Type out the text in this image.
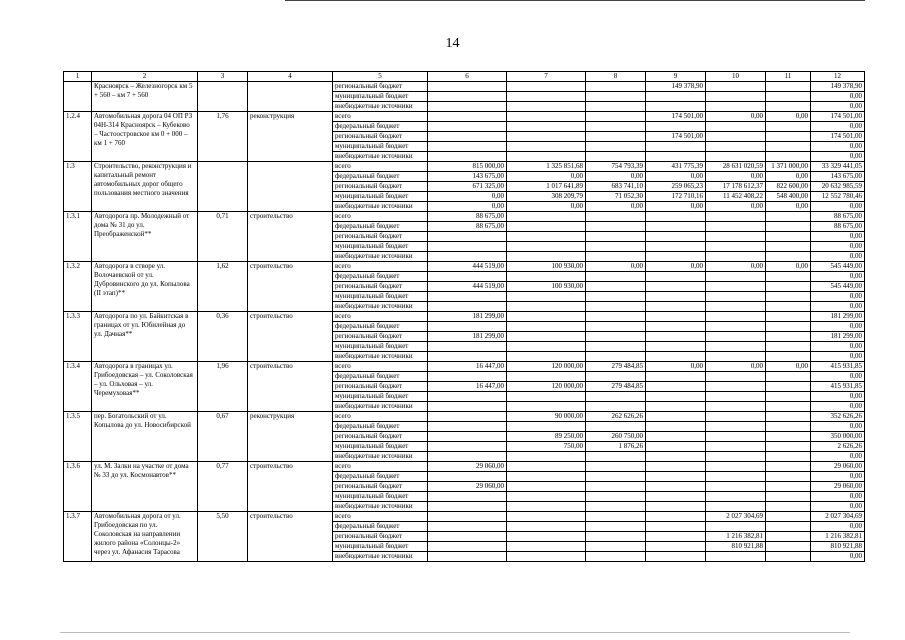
14
1	2	3	4	5	6	7	8	9	10	11	12
	Красноярск – Железногорск км 5 + 560 – км 7 + 560			региональный бюджет				149 378,90			149 378,90
				муниципальный бюджет							0,00
				внебюджетные источники							0,00
1.2.4	Автомобильная дорога 04 ОП РЗ 04Н-314 Красноярск – Кубеково – Частоостровское км 0 + 000 – км 1 + 760	1,76	реконструкция	всего				174 501,00	0,00	0,00	174 501,00
				федеральный бюджет							0,00
				региональный бюджет				174 501,00			174 501,00
				муниципальный бюджет							0,00
				внебюджетные источники							0,00
1.3	Строительство, реконструкция и капитальный ремонт автомобильных дорог общего пользования местного значения			всего	815 000,00	1 325 851,68	754 793,39	431 775,39	28 631 020,59	1 371 000,00	33 329 441,05
				федеральный бюджет	143 675,00	0,00	0,00	0,00	0,00	0,00	143 675,00
				региональный бюджет	671 325,00	1 017 641,89	683 741,10	259 065,23	17 178 612,37	822 600,00	20 632 985,59
				муниципальный бюджет	0,00	308 209,79	71 052,30	172 710,16	11 452 408,22	548 400,00	12 552 780,46
				внебюджетные источники	0,00	0,00	0,00	0,00	0,00	0,00	0,00
1.3.1	Автодорога пр. Молодежный от дома № 31 до ул. Преображенской**	0,71	строительство	всего	88 675,00						88 675,00
				федеральный бюджет	88 675,00						88 675,00
				региональный бюджет							0,00
				муниципальный бюджет							0,00
				внебюджетные источники							0,00
1.3.2	Автодорога в створе ул. Волочаевской от ул. Дубровинского до ул. Копылова (II этап)**	1,62	строительство	всего	444 519,00	100 930,00	0,00	0,00	0,00	0,00	545 449,00
				федеральный бюджет							0,00
				региональный бюджет	444 519,00	100 930,00					545 449,00
				муниципальный бюджет							0,00
				внебюджетные источники							0,00
1.3.3	Автодорога по ул. Байкитская в границах от ул. Юбилейная до ул. Дачная**	0,36	строительство	всего	181 299,00						181 299,00
				федеральный бюджет							0,00
				региональный бюджет	181 299,00						181 299,00
				муниципальный бюджет							0,00
				внебюджетные источники							0,00
1.3.4	Автодорога в границах ул. Грибоедовская – ул. Соколовская – ул. Ольховая – ул. Черемуховая**	1,96	строительство	всего	16 447,00	120 000,00	279 484,85	0,00	0,00	0,00	415 931,85
				федеральный бюджет							0,00
				региональный бюджет	16 447,00	120 000,00	279 484,85				415 931,85
				муниципальный бюджет							0,00
				внебюджетные источники							0,00
1.3.5	пер. Богатольский от ул. Копылова до ул. Новосибирской	0,67	реконструкция	всего		90 000,00	262 626,26				352 626,26
				федеральный бюджет							0,00
				региональный бюджет		89 250,00	260 750,00				350 000,00
				муниципальный бюджет		750,00	1 876,26				2 626,26
				внебюджетные источники							0,00
1.3.6	ул. М. Залки на участке от дома № 33 до ул. Космонавтов**	0,77	строительство	всего	29 060,00						29 060,00
				федеральный бюджет							0,00
				региональный бюджет	29 060,00						29 060,00
				муниципальный бюджет							0,00
				внебюджетные источники							0,00
1.3.7	Автомобильная дорога от ул. Грибоедовская по ул. Соколовская на направлении жилого района «Солонцы-2» через ул. Афанасия Тарасова	5,50	строительство	всего					2 027 304,69		2 027 304,69
				федеральный бюджет							0,00
				региональный бюджет					1 216 382,81		1 216 382,81
				муниципальный бюджет					810 921,88		810 921,88
				внебюджетные источники							0,00
